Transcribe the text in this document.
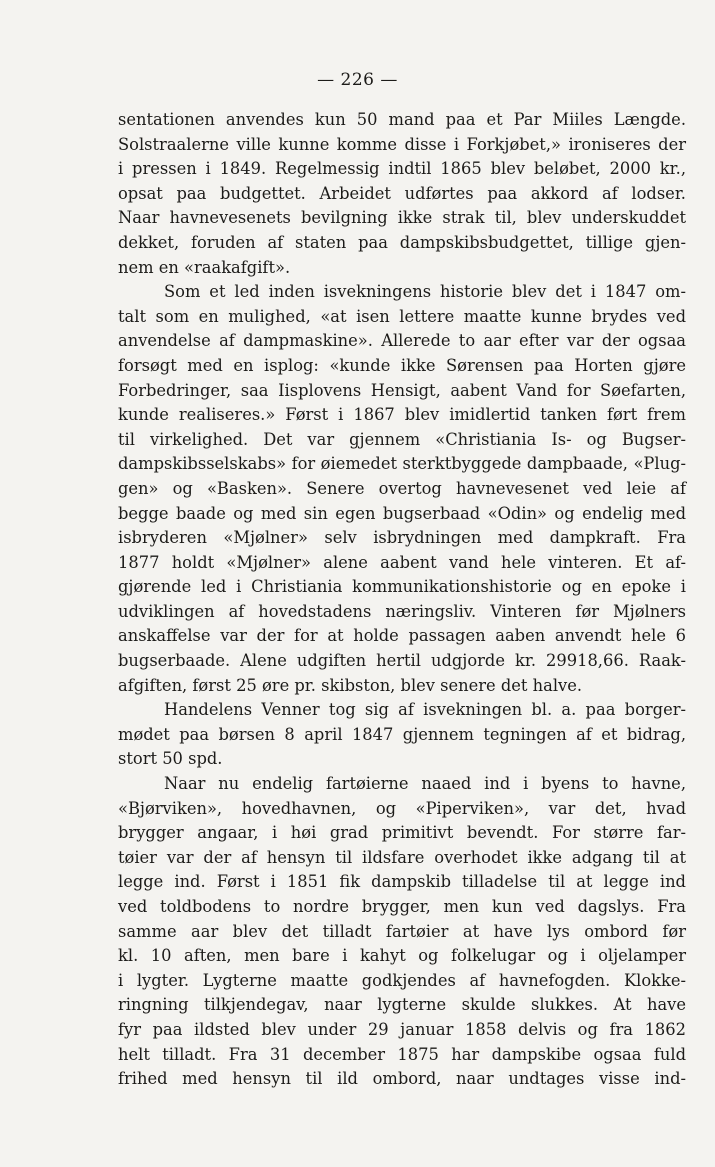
— 226 —
sentationen anvendes kun 50 mand paa et Par Miiles Længde.
Solstraalerne ville kunne komme disse i Forkjøbet,» ironiseres der
i pressen i 1849. Regelmessig indtil 1865 blev beløbet, 2000 kr.,
opsat paa budgettet. Arbeidet udførtes paa akkord af lodser.
Naar havnevesenets bevilgning ikke strak til, blev underskuddet
dekket, foruden af staten paa dampskibsbudgettet, tillige gjen-
nem en «raakafgift».
Som et led inden isvekningens historie blev det i 1847 om-
talt som en mulighed, «at isen lettere maatte kunne brydes ved
anvendelse af dampmaskine». Allerede to aar efter var der ogsaa
forsøgt med en isplog: «kunde ikke Sørensen paa Horten gjøre
Forbedringer, saa Iisplovens Hensigt, aabent Vand for Søefarten,
kunde realiseres.» Først i 1867 blev imidlertid tanken ført frem
til virkelighed. Det var gjennem «Christiania Is- og Bugser-
dampskibsselskabs» for øiemedet sterktbyggede dampbaade, «Plug-
gen» og «Basken». Senere overtog havnevesenet ved leie af
begge baade og med sin egen bugserbaad «Odin» og endelig med
isbryderen «Mjølner» selv isbrydningen med dampkraft. Fra
1877 holdt «Mjølner» alene aabent vand hele vinteren. Et af-
gjørende led i Christiania kommunikationshistorie og en epoke i
udviklingen af hovedstadens næringsliv. Vinteren før Mjølners
anskaffelse var der for at holde passagen aaben anvendt hele 6
bugserbaade. Alene udgiften hertil udgjorde kr. 29918,66. Raak-
afgiften, først 25 øre pr. skibston, blev senere det halve.
Handelens Venner tog sig af isvekningen bl. a. paa borger-
mødet paa børsen 8 april 1847 gjennem tegningen af et bidrag,
stort 50 spd.
Naar nu endelig fartøierne naaed ind i byens to havne,
«Bjørviken», hovedhavnen, og «Piperviken», var det, hvad
brygger angaar, i høi grad primitivt bevendt. For større far-
tøier var der af hensyn til ildsfare overhodet ikke adgang til at
legge ind. Først i 1851 fik dampskib tilladelse til at legge ind
ved toldbodens to nordre brygger, men kun ved dagslys. Fra
samme aar blev det tilladt fartøier at have lys ombord før
kl. 10 aften, men bare i kahyt og folkelugar og i oljelamper
i lygter. Lygterne maatte godkjendes af havnefogden. Klokke-
ringning tilkjendegav, naar lygterne skulde slukkes. At have
fyr paa ildsted blev under 29 januar 1858 delvis og fra 1862
helt tilladt. Fra 31 december 1875 har dampskibe ogsaa fuld
frihed med hensyn til ild ombord, naar undtages visse ind-
